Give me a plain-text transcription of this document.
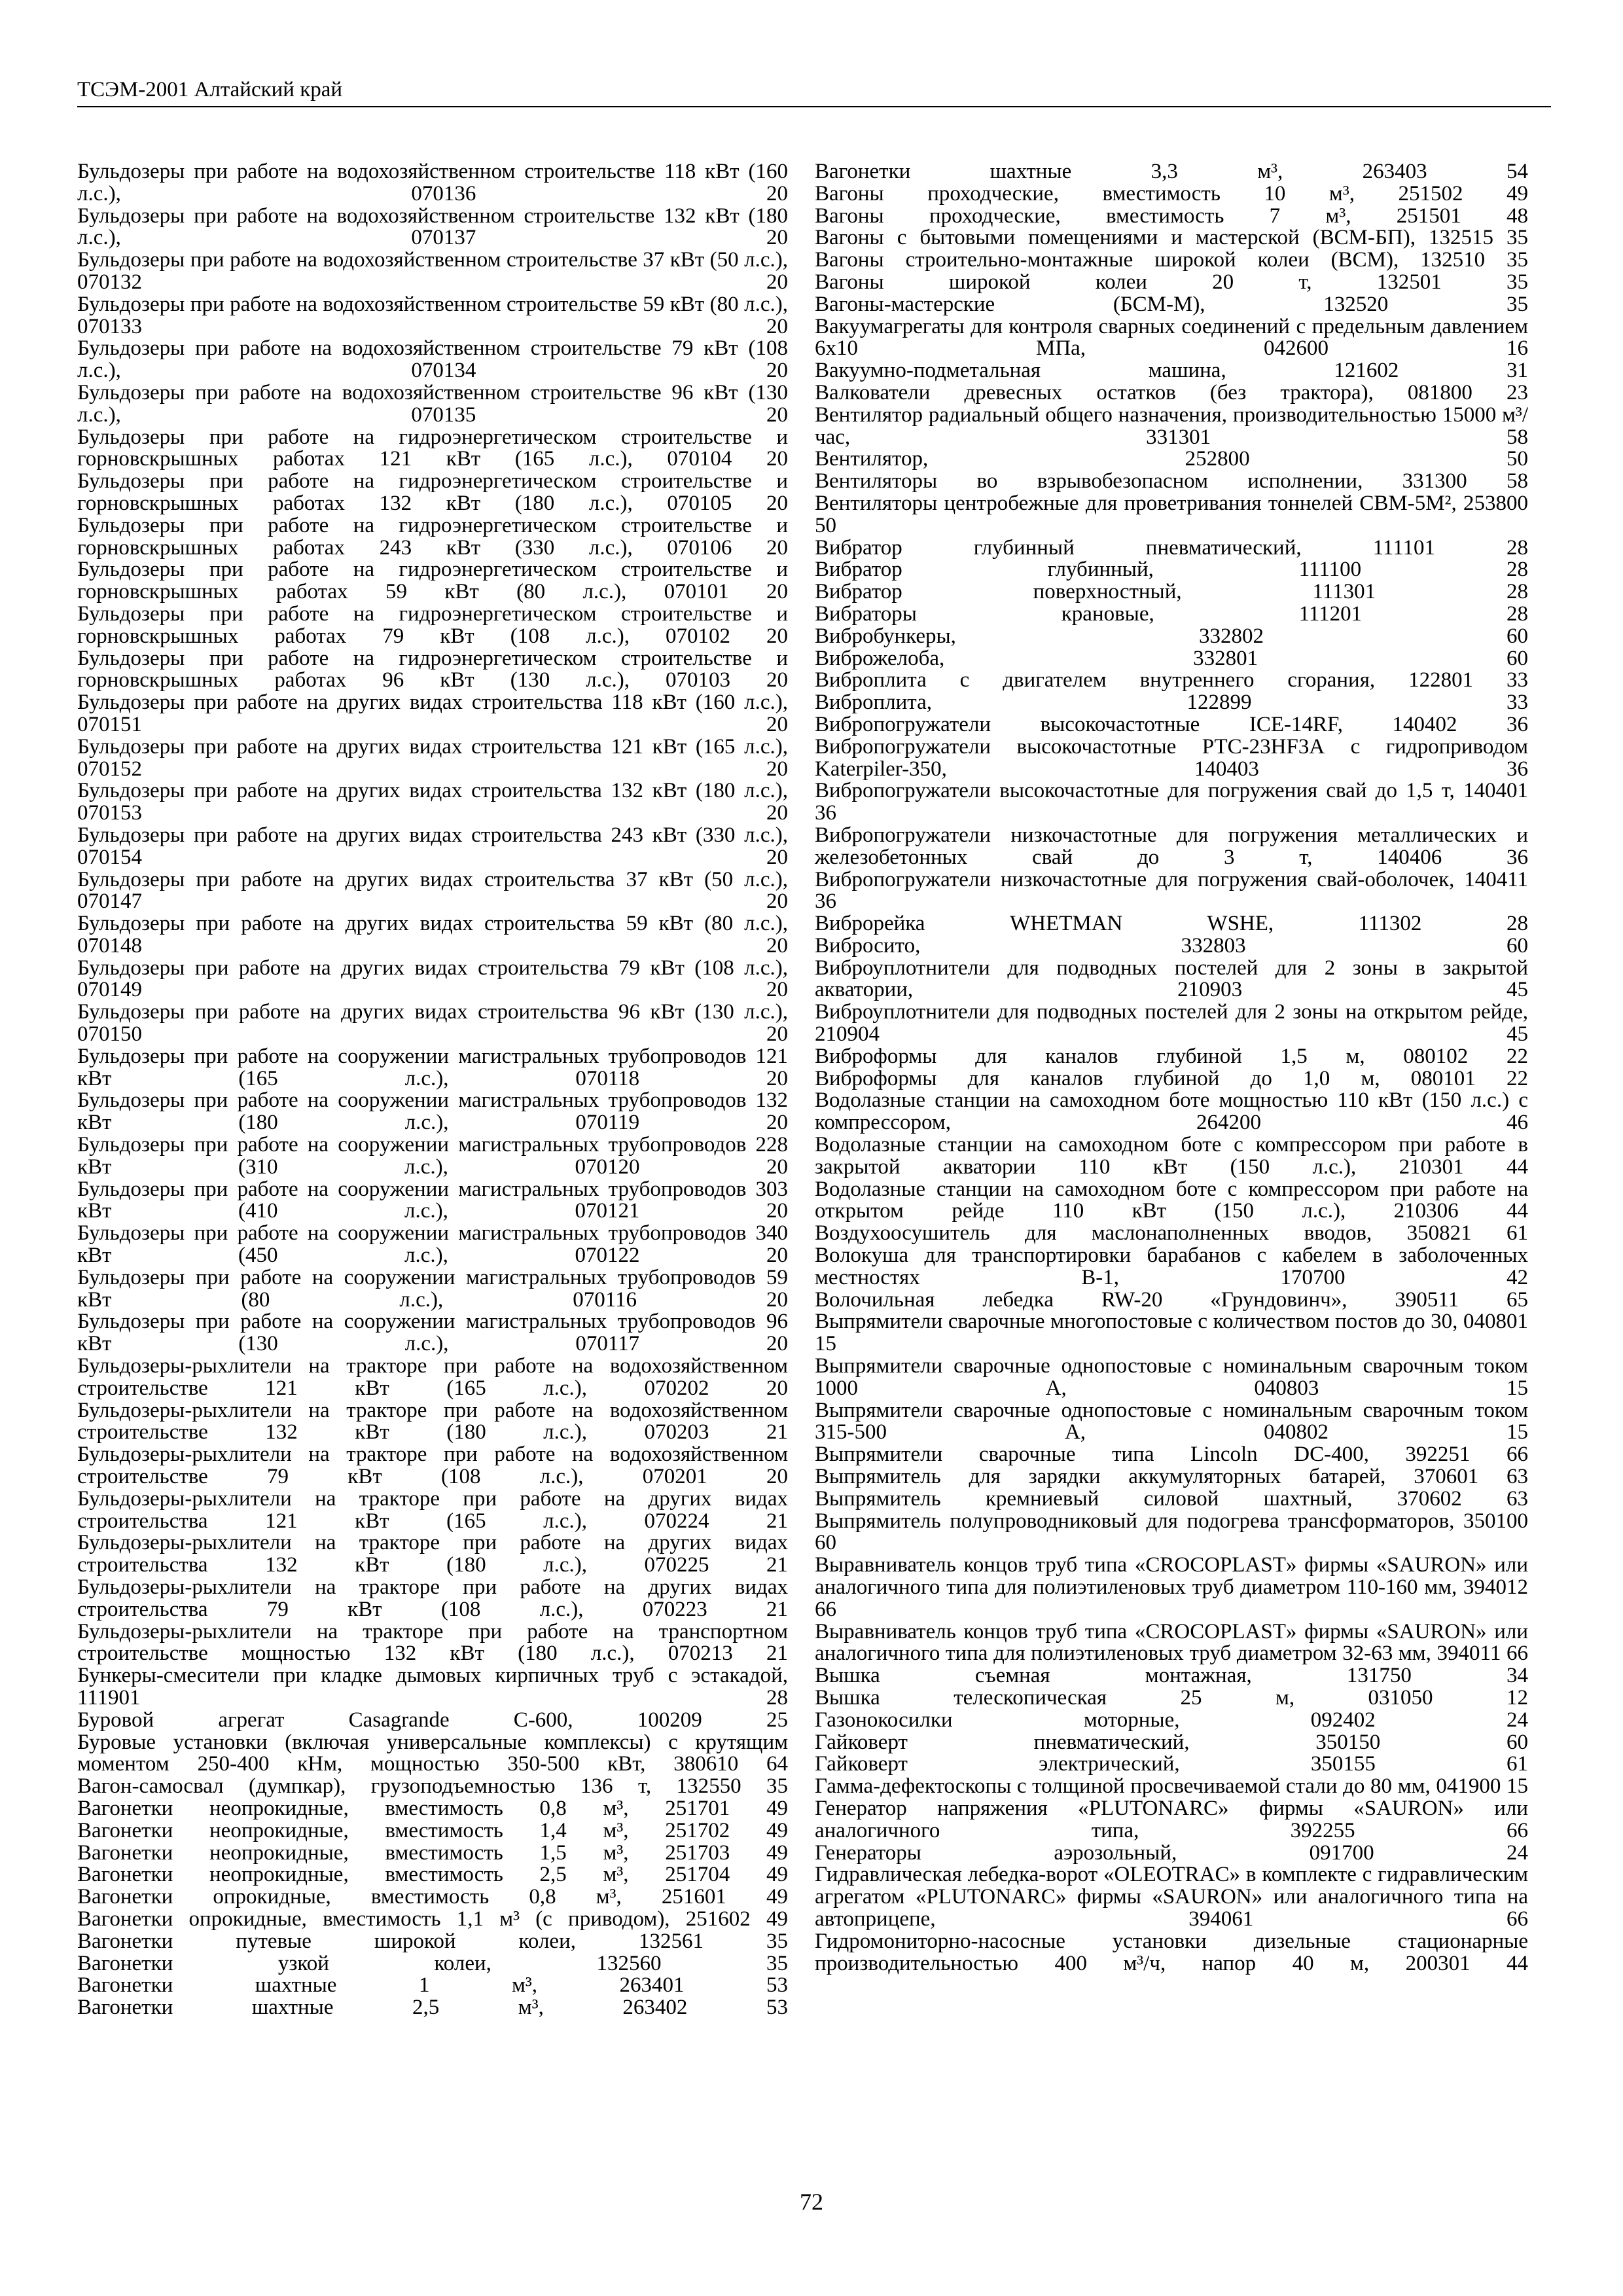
ТСЭМ-2001 Алтайский край
Бульдозеры при работе на водохозяйственном строительстве 118 кВт (160 л.с.), 070136	20
Бульдозеры при работе на водохозяйственном строительстве 132 кВт (180 л.с.), 070137	20
Бульдозеры при работе на водохозяйственном строительстве 37 кВт (50 л.с.), 070132	20
Бульдозеры при работе на водохозяйственном строительстве 59 кВт (80 л.с.), 070133	20
Бульдозеры при работе на водохозяйственном строительстве 79 кВт (108 л.с.), 070134	20
Бульдозеры при работе на водохозяйственном строительстве 96 кВт (130 л.с.), 070135	20
Бульдозеры при работе на гидроэнергетическом строительстве и горновскрышных работах 121 кВт (165 л.с.), 070104 20
Бульдозеры при работе на гидроэнергетическом строительстве и горновскрышных работах 132 кВт (180 л.с.), 070105 20
Бульдозеры при работе на гидроэнергетическом строительстве и горновскрышных работах 243 кВт (330 л.с.), 070106 20
Бульдозеры при работе на гидроэнергетическом строительстве и горновскрышных работах 59 кВт (80 л.с.), 070101 20
Бульдозеры при работе на гидроэнергетическом строительстве и горновскрышных работах 79 кВт (108 л.с.), 070102 20
Бульдозеры при работе на гидроэнергетическом строительстве и горновскрышных работах 96 кВт (130 л.с.), 070103 20
Бульдозеры при работе на других видах строительства 118 кВт (160 л.с.), 070151	20
Бульдозеры при работе на других видах строительства 121 кВт (165 л.с.), 070152	20
Бульдозеры при работе на других видах строительства 132 кВт (180 л.с.), 070153	20
Бульдозеры при работе на других видах строительства 243 кВт (330 л.с.), 070154	20
Бульдозеры при работе на других видах строительства 37 кВт (50 л.с.), 070147	20
Бульдозеры при работе на других видах строительства 59 кВт (80 л.с.), 070148	20
Бульдозеры при работе на других видах строительства 79 кВт (108 л.с.), 070149	20
Бульдозеры при работе на других видах строительства 96 кВт (130 л.с.), 070150	20
Бульдозеры при работе на сооружении магистральных трубопроводов 121 кВт (165 л.с.), 070118	20
Бульдозеры при работе на сооружении магистральных трубопроводов 132 кВт (180 л.с.), 070119	20
Бульдозеры при работе на сооружении магистральных трубопроводов 228 кВт (310 л.с.), 070120	20
Бульдозеры при работе на сооружении магистральных трубопроводов 303 кВт (410 л.с.), 070121	20
Бульдозеры при работе на сооружении магистральных трубопроводов 340 кВт (450 л.с.), 070122	20
Бульдозеры при работе на сооружении магистральных трубопроводов 59 кВт (80 л.с.), 070116	20
Бульдозеры при работе на сооружении магистральных трубопроводов 96 кВт (130 л.с.), 070117	20
Бульдозеры-рыхлители на тракторе при работе на водохозяйственном строительстве 121 кВт (165 л.с.), 070202	20
Бульдозеры-рыхлители на тракторе при работе на водохозяйственном строительстве 132 кВт (180 л.с.), 070203	21
Бульдозеры-рыхлители на тракторе при работе на водохозяйственном строительстве 79 кВт (108 л.с.), 070201	20
Бульдозеры-рыхлители на тракторе при работе на других видах строительства 121 кВт (165 л.с.), 070224	21
Бульдозеры-рыхлители на тракторе при работе на других видах строительства 132 кВт (180 л.с.), 070225	21
Бульдозеры-рыхлители на тракторе при работе на других видах строительства 79 кВт (108 л.с.), 070223	21
Бульдозеры-рыхлители на тракторе при работе на транспортном строительстве мощностью 132 кВт (180 л.с.), 070213 21
Бункеры-смесители при кладке дымовых кирпичных труб с эстакадой, 111901	28
Буровой агрегат Casagrande С-600, 100209	25
Буровые установки (включая универсальные комплексы) с крутящим моментом 250-400 кНм, мощностью 350-500 кВт, 380610 64
Вагон-самосвал (думпкар), грузоподъемностью 136 т, 132550 35
Вагонетки неопрокидные, вместимость 0,8 м³, 251701 49
Вагонетки неопрокидные, вместимость 1,4 м³, 251702 49
Вагонетки неопрокидные, вместимость 1,5 м³, 251703 49
Вагонетки неопрокидные, вместимость 2,5 м³, 251704 49
Вагонетки опрокидные, вместимость 0,8 м³, 251601 49
Вагонетки опрокидные, вместимость 1,1 м³ (с приводом), 251602 49
Вагонетки путевые широкой колеи, 132561	35
Вагонетки узкой колеи, 132560	35
Вагонетки шахтные 1 м³, 263401	53
Вагонетки шахтные 2,5 м³, 263402	53
Вагонетки шахтные 3,3 м³, 263403	54
Вагоны проходческие, вместимость 10 м³, 251502 49
Вагоны проходческие, вместимость 7 м³, 251501 48
Вагоны с бытовыми помещениями и мастерской (ВСМ-БП), 132515 35
Вагоны строительно-монтажные широкой колеи (ВСМ), 132510 35
Вагоны широкой колеи 20 т, 132501	35
Вагоны-мастерские (БСМ-М), 132520	35
Вакуумагрегаты для контроля сварных соединений с предельным давлением 6x10 МПа, 042600	16
Вакуумно-подметальная машина, 121602	31
Валкователи древесных остатков (без трактора), 081800 23
Вентилятор радиальный общего назначения, производительностью 15000 м³/час, 331301	58
Вентилятор, 252800	50
Вентиляторы во взрывобезопасном исполнении, 331300 58
Вентиляторы центробежные для проветривания тоннелей СВМ-5М², 253800 50
Вибратор глубинный пневматический, 111101	28
Вибратор глубинный, 111100	28
Вибратор поверхностный, 111301	28
Вибраторы крановые, 111201	28
Вибробункеры, 332802	60
Виброжелоба, 332801	60
Виброплита с двигателем внутреннего сгорания, 122801 33
Виброплита, 122899	33
Вибропогружатели высокочастотные ICE-14RF, 140402 36
Вибропогружатели высокочастотные РТС-23HF3А с гидроприводом Katerpiler-350, 140403	36
Вибропогружатели высокочастотные для погружения свай до 1,5 т, 140401 36
Вибропогружатели низкочастотные для погружения металлических и железобетонных свай до 3 т, 140406	36
Вибропогружатели низкочастотные для погружения свай-оболочек, 140411 36
Виброрейка WHETMAN WSHE, 111302	28
Вибросито, 332803	60
Виброуплотнители для подводных постелей для 2 зоны в закрытой акватории, 210903	45
Виброуплотнители для подводных постелей для 2 зоны на открытом рейде, 210904	45
Виброформы для каналов глубиной 1,5 м, 080102 22
Виброформы для каналов глубиной до 1,0 м, 080101 22
Водолазные станции на самоходном боте мощностью 110 кВт (150 л.с.) с компрессором, 264200	46
Водолазные станции на самоходном боте с компрессором при работе в закрытой акватории 110 кВт (150 л.с.), 210301 44
Водолазные станции на самоходном боте с компрессором при работе на открытом рейде 110 кВт (150 л.с.), 210306 44
Воздухоосушитель для маслонаполненных вводов, 350821 61
Волокуша для транспортировки барабанов с кабелем в заболоченных местностях В-1, 170700	42
Волочильная лебедка RW-20 «Грундовинч», 390511 65
Выпрямители сварочные многопостовые с количеством постов до 30, 040801 15
Выпрямители сварочные однопостовые с номинальным сварочным током 1000 А, 040803	15
Выпрямители сварочные однопостовые с номинальным сварочным током 315-500 А, 040802	15
Выпрямители сварочные типа Lincoln DC-400, 392251 66
Выпрямитель для зарядки аккумуляторных батарей, 370601 63
Выпрямитель кремниевый силовой шахтный, 370602 63
Выпрямитель полупроводниковый для подогрева трансформаторов, 350100 60
Выравниватель концов труб типа «CROCOPLAST» фирмы «SAURON» или аналогичного типа для полиэтиленовых труб диаметром 110-160 мм, 394012 66
Выравниватель концов труб типа «CROCOPLAST» фирмы «SAURON» или аналогичного типа для полиэтиленовых труб диаметром 32-63 мм, 394011 66
Вышка съемная монтажная, 131750	34
Вышка телескопическая 25 м, 031050	12
Газонокосилки моторные, 092402	24
Гайковерт пневматический, 350150	60
Гайковерт электрический, 350155	61
Гамма-дефектоскопы с толщиной просвечиваемой стали до 80 мм, 041900 15
Генератор напряжения «PLUTONARC» фирмы «SAURON» или аналогичного типа, 392255	66
Генераторы аэрозольный, 091700	24
Гидравлическая лебедка-ворот «OLEOTRAC» в комплекте с гидравлическим агрегатом «PLUTONARC» фирмы «SAURON» или аналогичного типа на автоприцепе, 394061	66
Гидромониторно-насосные установки дизельные стационарные производительностью 400 м³/ч, напор 40 м, 200301 44
72
